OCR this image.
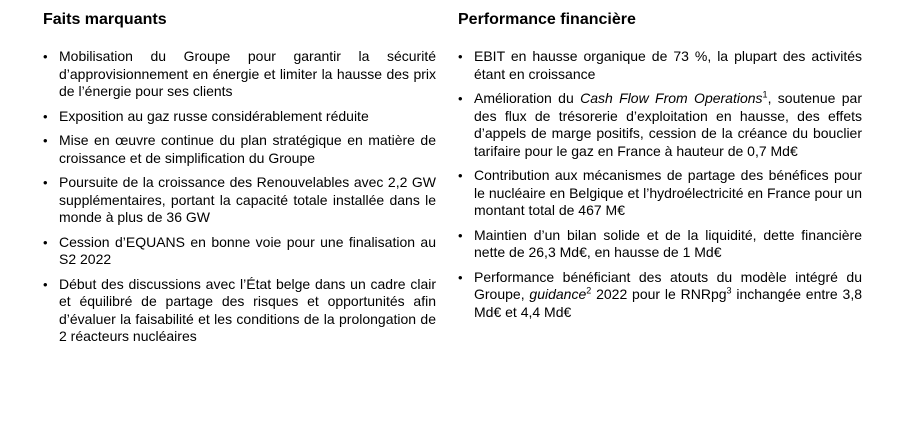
Faits marquants
• Mobilisation du Groupe pour garantir la sécurité d’approvisionnement en énergie et limiter la hausse des prix de l’énergie pour ses clients
• Exposition au gaz russe considérablement réduite
• Mise en œuvre continue du plan stratégique en matière de croissance et de simplification du Groupe
• Poursuite de la croissance des Renouvelables avec 2,2 GW supplémentaires, portant la capacité totale installée dans le monde à plus de 36 GW
• Cession d’EQUANS en bonne voie pour une finalisation au S2 2022
• Début des discussions avec l’État belge dans un cadre clair et équilibré de partage des risques et opportunités afin d’évaluer la faisabilité et les conditions de la prolongation de 2 réacteurs nucléaires
Performance financière
• EBIT en hausse organique de 73 %, la plupart des activités étant en croissance
• Amélioration du Cash Flow From Operations$^1$, soutenue par des flux de trésorerie d’exploitation en hausse, des effets d’appels de marge positifs, cession de la créance du bouclier tarifaire pour le gaz en France à hauteur de 0,7 Md€
• Contribution aux mécanismes de partage des bénéfices pour le nucléaire en Belgique et l’hydroélectricité en France pour un montant total de 467 M€
• Maintien d’un bilan solide et de la liquidité, dette financière nette de 26,3 Md€, en hausse de 1 Md€
• Performance bénéficiant des atouts du modèle intégré du Groupe, guidance$^2$ 2022 pour le RNRpg$^3$ inchangée entre 3,8 Md€ et 4,4 Md€
